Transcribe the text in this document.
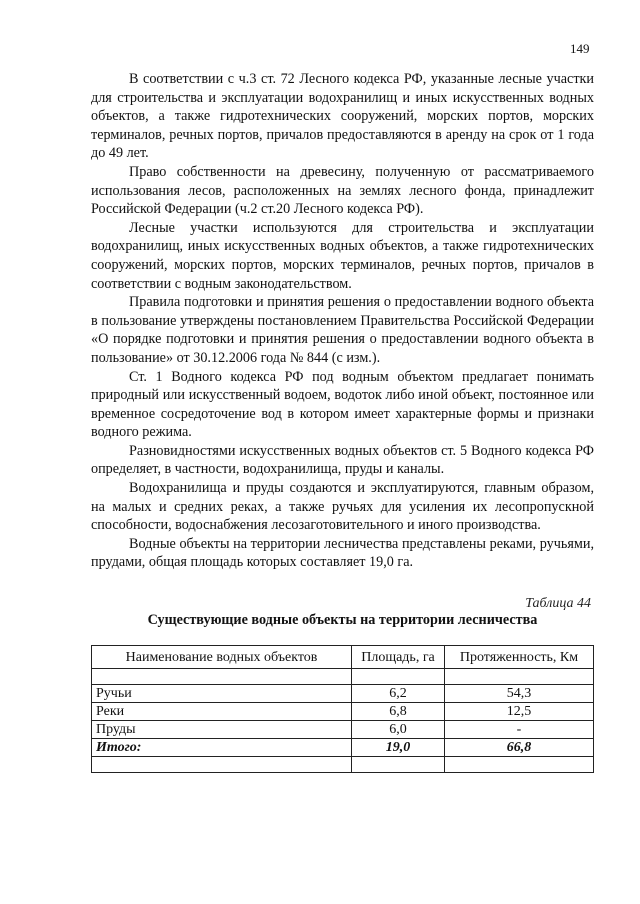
149

В соответствии с ч.3 ст. 72 Лесного кодекса РФ, указанные лесные участки для строительства и эксплуатации водохранилищ и иных искусственных водных объектов, а также гидротехнических сооружений, морских портов, морских терминалов, речных портов, причалов предоставляются в аренду на срок от 1 года до 49 лет.

Право собственности на древесину, полученную от рассматриваемого использования лесов, расположенных на землях лесного фонда, принадлежит Российской Федерации (ч.2 ст.20 Лесного кодекса РФ).

Лесные участки используются для строительства и эксплуатации водохранилищ, иных искусственных водных объектов, а также гидротехнических сооружений, морских портов, морских терминалов, речных портов, причалов в соответствии с водным законодательством.

Правила подготовки и принятия решения о предоставлении водного объекта в пользование утверждены постановлением Правительства Российской Федерации «О порядке подготовки и принятия решения о предоставлении водного объекта в пользование» от 30.12.2006 года № 844 (с изм.).

Ст. 1 Водного кодекса РФ под водным объектом предлагает понимать природный или искусственный водоем, водоток либо иной объект, постоянное или временное сосредоточение вод в котором имеет характерные формы и признаки водного режима.

Разновидностями искусственных водных объектов ст. 5 Водного кодекса РФ определяет, в частности, водохранилища, пруды и каналы.

Водохранилища и пруды создаются и эксплуатируются, главным образом, на малых и средних реках, а также ручьях для усиления их лесопропускной способности, водоснабжения лесозаготовительного и иного производства.

Водные объекты на территории лесничества представлены реками, ручьями, прудами, общая площадь которых составляет 19,0 га.

Таблица 44
Существующие водные объекты на территории лесничества
Наименование водных объектов	Площадь, га	Протяженность, Км

Ручьи	6,2	54,3
Реки	6,8	12,5
Пруды	6,0	-
Итого:	19,0	66,8
